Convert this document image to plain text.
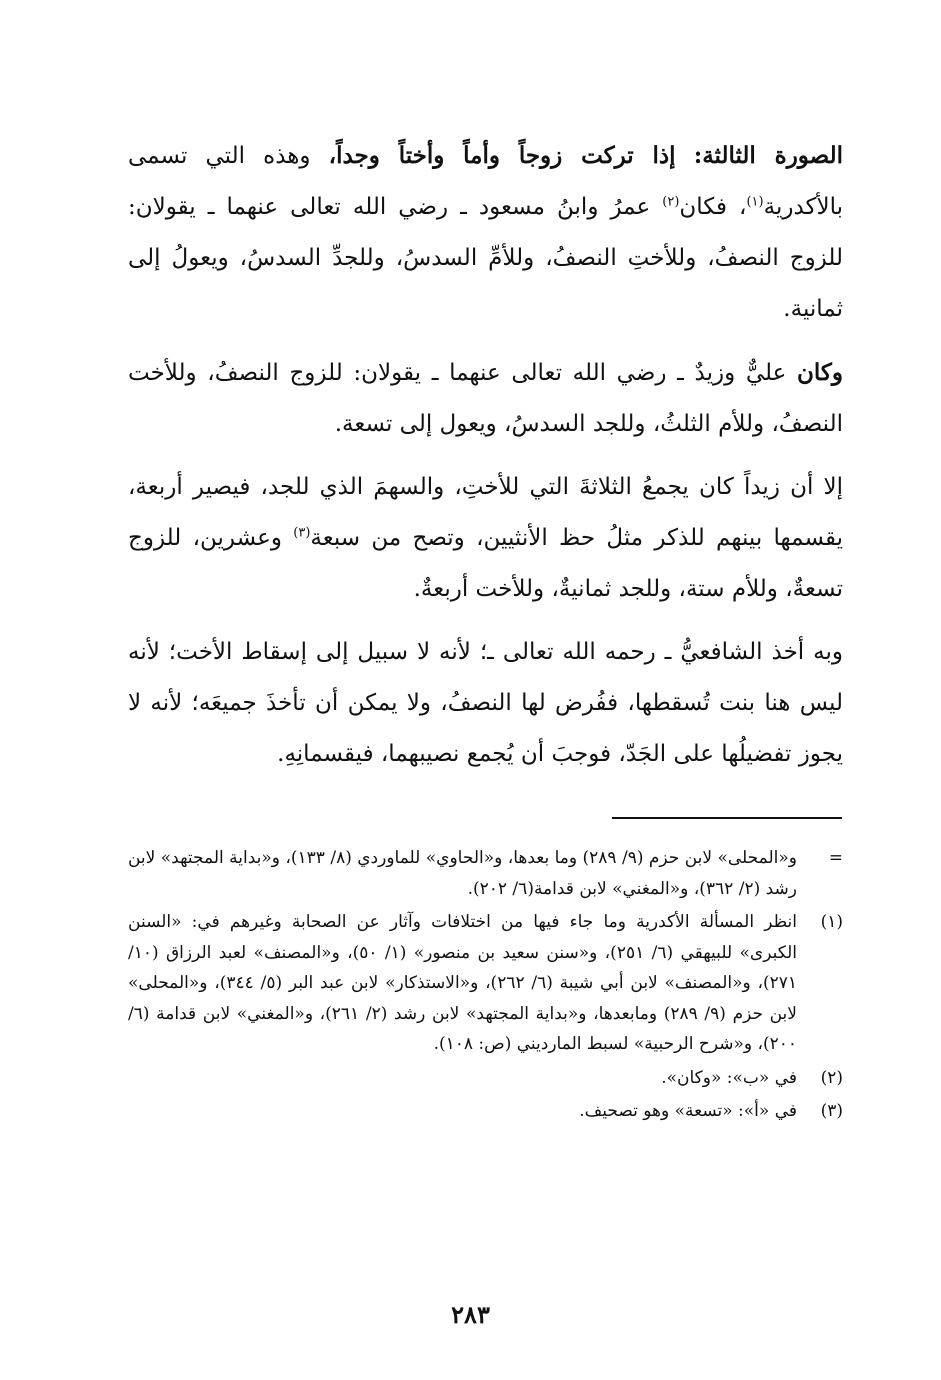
الصورة الثالثة: إذا تركت زوجاً وأماً وأختاً وجداً، وهذه التي تسمى بالأكدرية$^{(١)}$، فكان$^{(٢)}$ عمرُ وابنُ مسعود ـ رضي الله تعالى عنهما ـ يقولان: للزوج النصفُ، وللأختِ النصفُ، وللأمِّ السدسُ، وللجدِّ السدسُ، ويعولُ إلى ثمانية.

وكان عليٌّ وزيدٌ ـ رضي الله تعالى عنهما ـ يقولان: للزوج النصفُ، وللأخت النصفُ، وللأم الثلثُ، وللجد السدسُ، ويعول إلى تسعة.

إلا أن زيداً كان يجمعُ الثلاثةَ التي للأختِ، والسهمَ الذي للجد، فيصير أربعة، يقسمها بينهم للذكر مثلُ حظ الأنثيين، وتصح من سبعة$^{(٣)}$ وعشرين، للزوج تسعةٌ، وللأم ستة، وللجد ثمانيةٌ، وللأخت أربعةٌ.

وبه أخذ الشافعيُّ ـ رحمه الله تعالى ـ؛ لأنه لا سبيل إلى إسقاط الأخت؛ لأنه ليس هنا بنت تُسقطها، ففُرض لها النصفُ، ولا يمكن أن تأخذَ جميعَه؛ لأنه لا يجوز تفضيلُها على الجَدّ، فوجبَ أن يُجمع نصيبهما، فيقسمانِهِ.

=
و«المحلى» لابن حزم (٩/ ٢٨٩) وما بعدها، و«الحاوي» للماوردي (٨/ ١٣٣)، و«بداية المجتهد» لابن رشد (٢/ ٣٦٢)، و«المغني» لابن قدامة(٦/ ٢٠٢).
(١)
انظر المسألة الأكدرية وما جاء فيها من اختلافات وآثار عن الصحابة وغيرهم في: «السنن الكبرى» للبيهقي (٦/ ٢٥١)، و«سنن سعيد بن منصور» (١/ ٥٠)، و«المصنف» لعبد الرزاق (١٠/ ٢٧١)، و«المصنف» لابن أبي شيبة (٦/ ٢٦٢)، و«الاستذكار» لابن عبد البر (٥/ ٣٤٤)، و«المحلى» لابن حزم (٩/ ٢٨٩) ومابعدها، و«بداية المجتهد» لابن رشد (٢/ ٢٦١)، و«المغني» لابن قدامة (٦/ ٢٠٠)، و«شرح الرحبية» لسبط المارديني (ص: ١٠٨).
(٢)
في «ب»: «وكان».
(٣)
في «أ»: «تسعة» وهو تصحيف.
٢٨٣
